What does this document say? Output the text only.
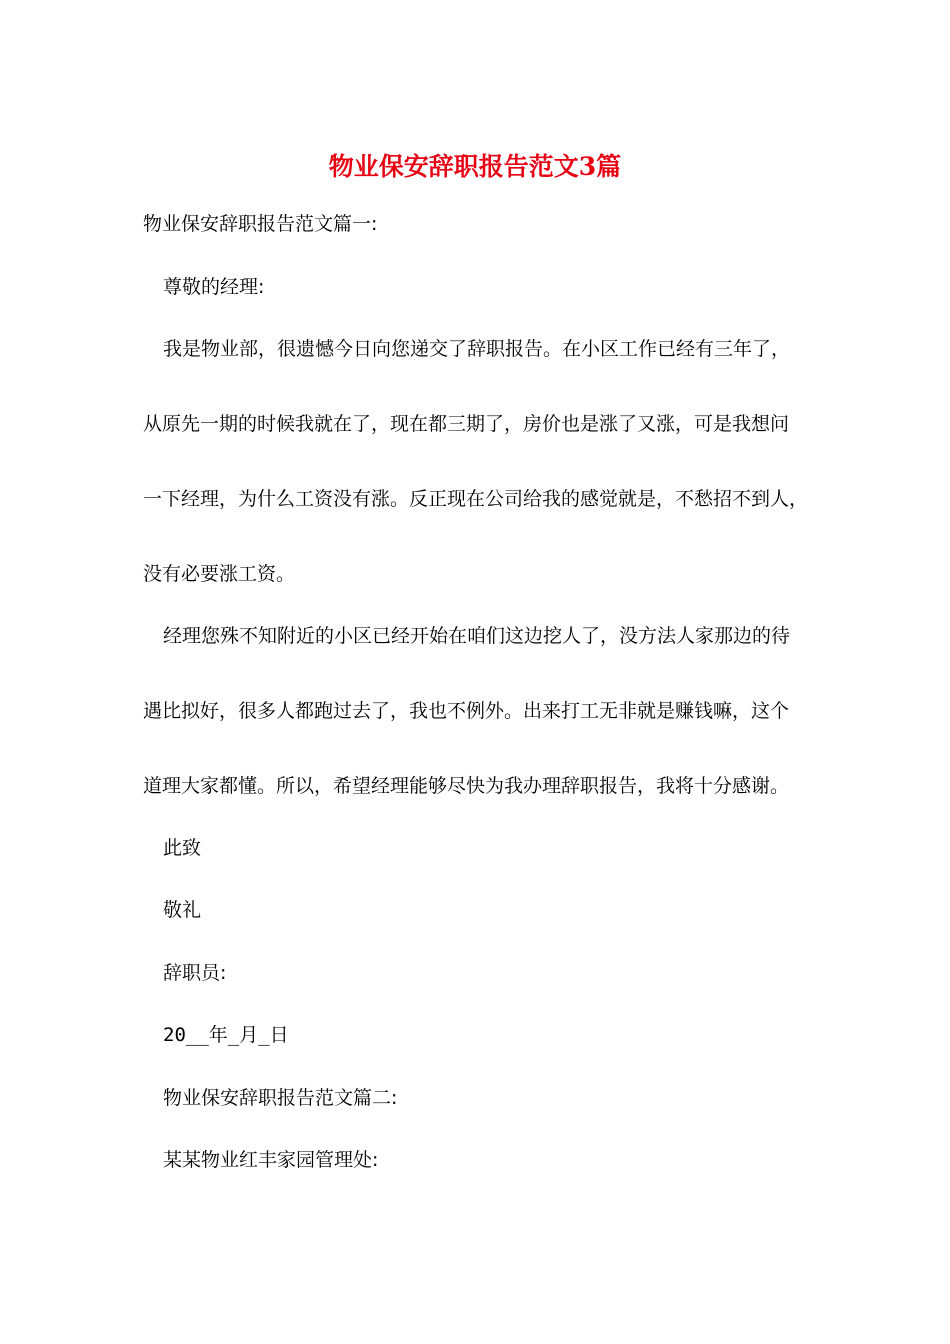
物业保安辞职报告范文3篇
物业保安辞职报告范文篇一:
尊敬的经理:
我是物业部，很遗憾今日向您递交了辞职报告。在小区工作已经有三年了，
从原先一期的时候我就在了，现在都三期了，房价也是涨了又涨，可是我想问
一下经理，为什么工资没有涨。反正现在公司给我的感觉就是，不愁招不到人，
没有必要涨工资。
经理您殊不知附近的小区已经开始在咱们这边挖人了，没方法人家那边的待
遇比拟好，很多人都跑过去了，我也不例外。出来打工无非就是赚钱嘛，这个
道理大家都懂。所以，希望经理能够尽快为我办理辞职报告，我将十分感谢。
此致
敬礼
辞职员:
20__年_月_日
物业保安辞职报告范文篇二:
某某物业红丰家园管理处:
